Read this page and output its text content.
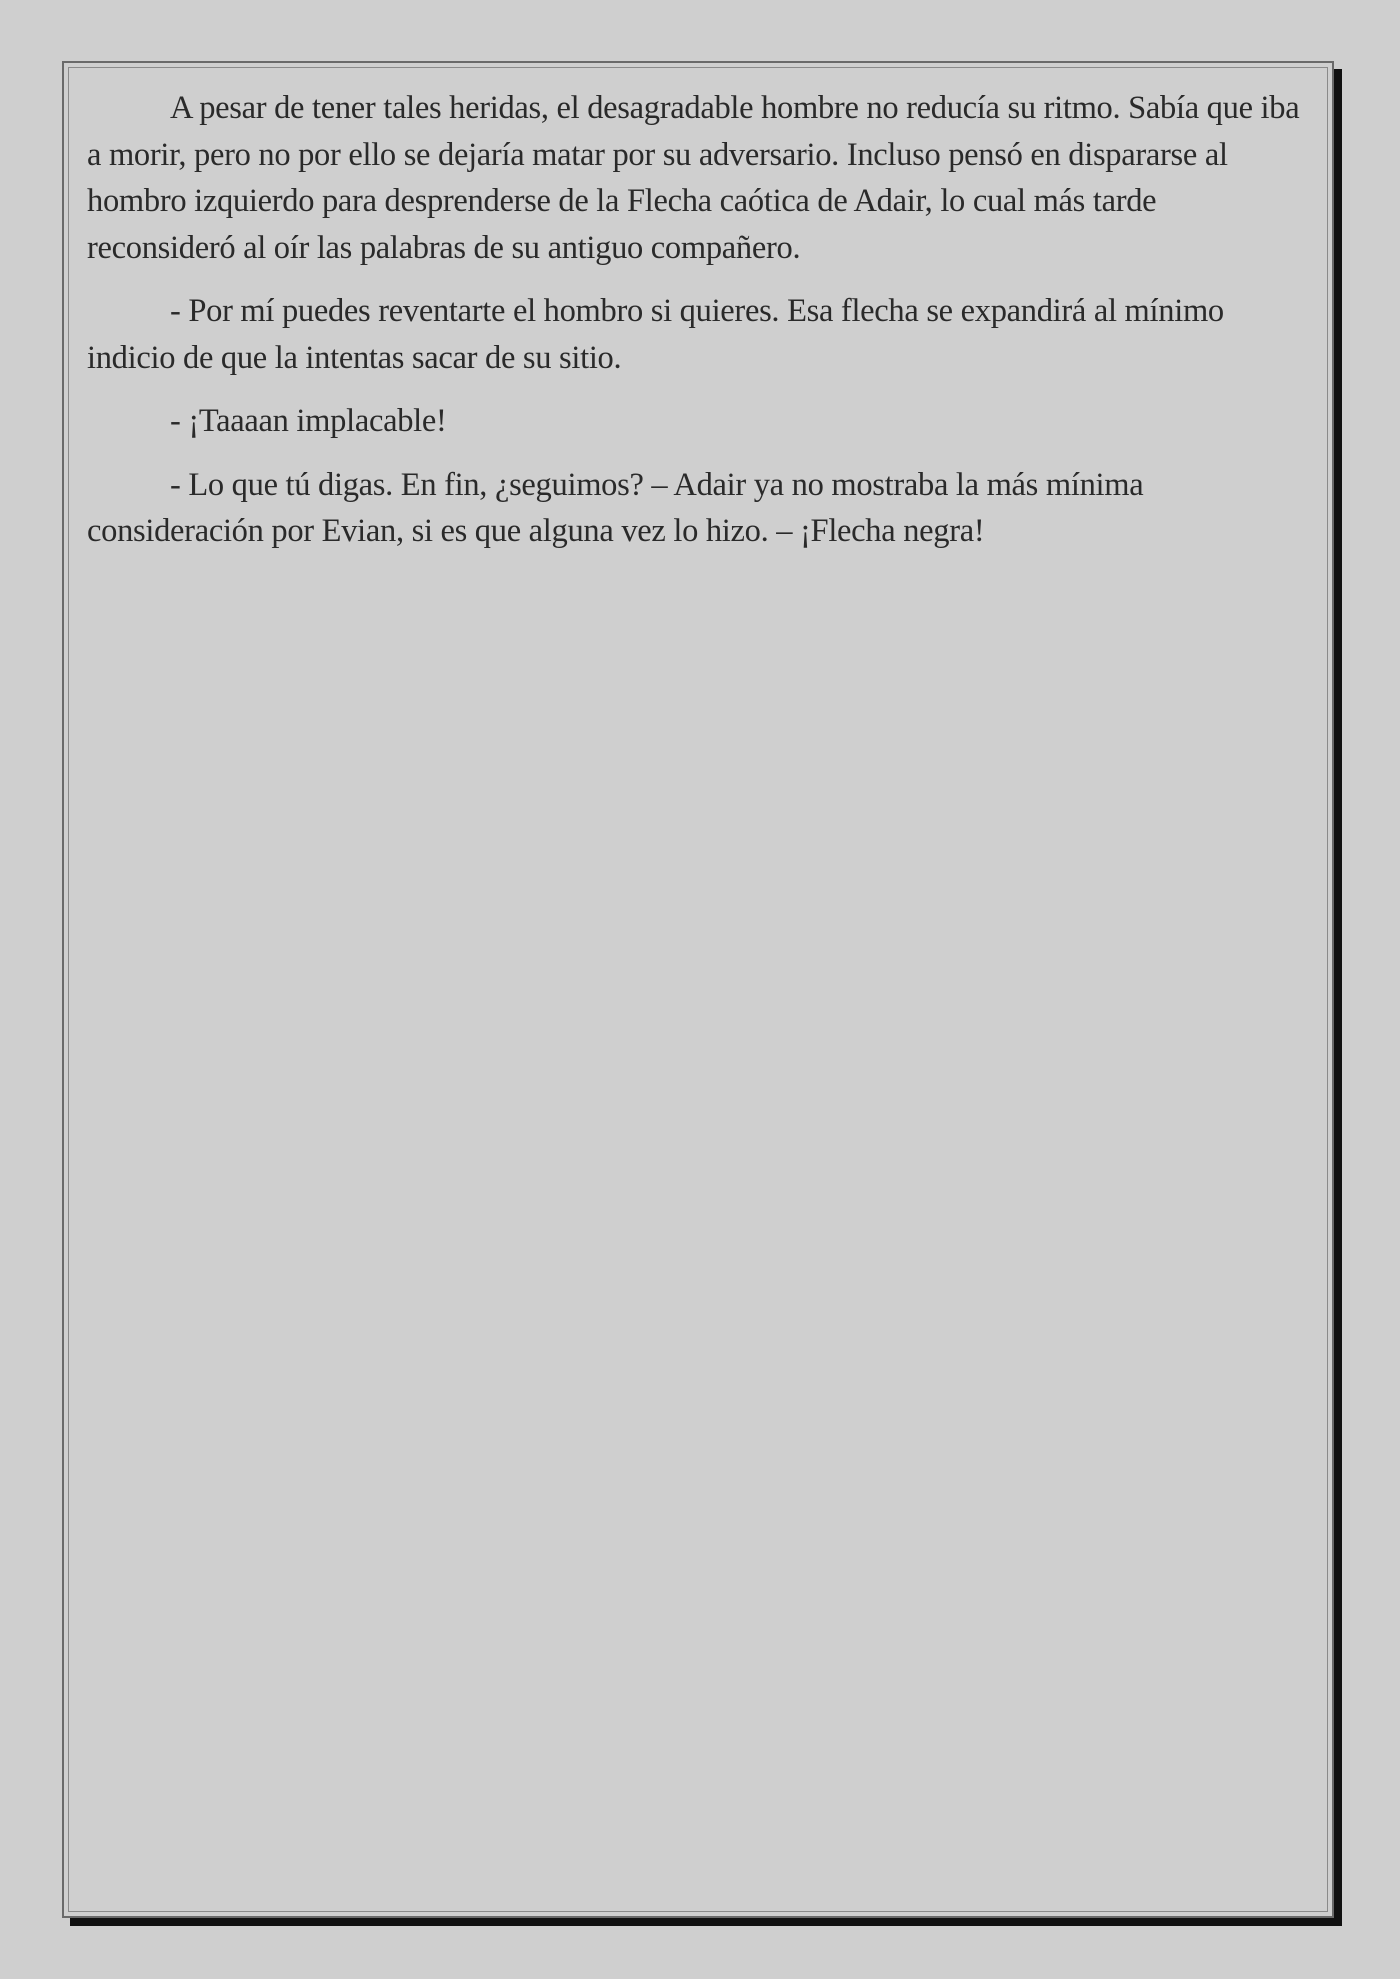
A pesar de tener tales heridas, el desagradable hombre no reducía su ritmo. Sabía que iba a morir, pero no por ello se dejaría matar por su adversario. Incluso pensó en dispararse al hombro izquierdo para desprenderse de la Flecha caótica de Adair, lo cual más tarde reconsideró al oír las palabras de su antiguo compañero.

- Por mí puedes reventarte el hombro si quieres. Esa flecha se expandirá al mínimo indicio de que la intentas sacar de su sitio.

- ¡Taaaan implacable!

- Lo que tú digas. En fin, ¿seguimos? – Adair ya no mostraba la más mínima consideración por Evian, si es que alguna vez lo hizo. – ¡Flecha negra!
